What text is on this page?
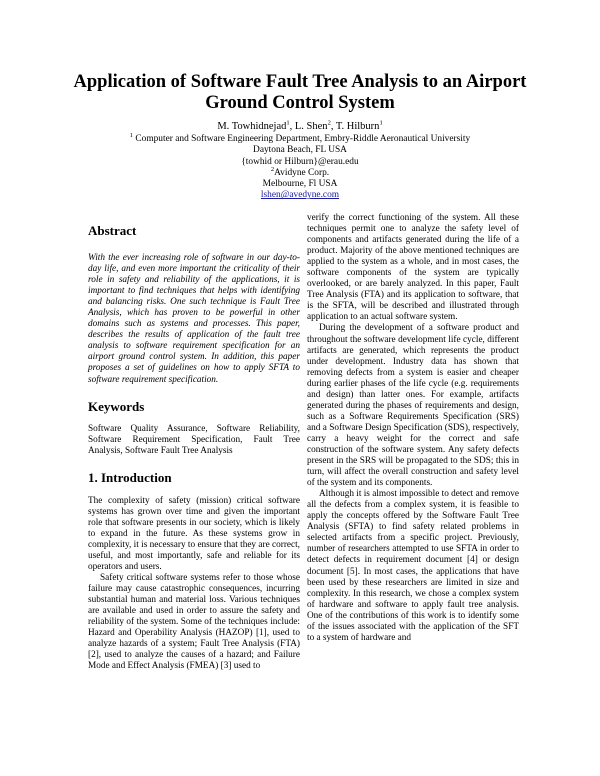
Application of Software Fault Tree Analysis to an Airport Ground Control System
M. Towhidnejad$^1$, L. Shen$^2$, T. Hilburn$^1$
$^1$ Computer and Software Engineering Department, Embry-Riddle Aeronautical University
Daytona Beach, FL USA
{towhid or Hilburn}@erau.edu
$^2$Avidyne Corp.
Melbourne, Fl USA
lshen@avedyne.com
Abstract

With the ever increasing role of software in our day-to-day life, and even more important the criticality of their role in safety and reliability of the applications, it is important to find techniques that helps with identifying and balancing risks. One such technique is Fault Tree Analysis, which has proven to be powerful in other domains such as systems and processes. This paper, describes the results of application of the fault tree analysis to software requirement specification for an airport ground control system. In addition, this paper proposes a set of guidelines on how to apply SFTA to software requirement specification.

Keywords

Software Quality Assurance, Software Reliability, Software Requirement Specification, Fault Tree Analysis, Software Fault Tree Analysis

1. Introduction

The complexity of safety (mission) critical software systems has grown over time and given the important role that software presents in our society, which is likely to expand in the future. As these systems grow in complexity, it is necessary to ensure that they are correct, useful, and most importantly, safe and reliable for its operators and users.

Safety critical software systems refer to those whose failure may cause catastrophic consequences, incurring substantial human and material loss. Various techniques are available and used in order to assure the safety and reliability of the system. Some of the techniques include: Hazard and Operability Analysis (HAZOP) [1], used to analyze hazards of a system; Fault Tree Analysis (FTA) [2], used to analyze the causes of a hazard; and Failure Mode and Effect Analysis (FMEA) [3] used to

verify the correct functioning of the system. All these techniques permit one to analyze the safety level of components and artifacts generated during the life of a product. Majority of the above mentioned techniques are applied to the system as a whole, and in most cases, the software components of the system are typically overlooked, or are barely analyzed. In this paper, Fault Tree Analysis (FTA) and its application to software, that is the SFTA, will be described and illustrated through application to an actual software system.

During the development of a software product and throughout the software development life cycle, different artifacts are generated, which represents the product under development. Industry data has shown that removing defects from a system is easier and cheaper during earlier phases of the life cycle (e.g. requirements and design) than latter ones. For example, artifacts generated during the phases of requirements and design, such as a Software Requirements Specification (SRS) and a Software Design Specification (SDS), respectively, carry a heavy weight for the correct and safe construction of the software system. Any safety defects present in the SRS will be propagated to the SDS; this in turn, will affect the overall construction and safety level of the system and its components.

Although it is almost impossible to detect and remove all the defects from a complex system, it is feasible to apply the concepts offered by the Software Fault Tree Analysis (SFTA) to find safety related problems in selected artifacts from a specific project. Previously, number of researchers attempted to use SFTA in order to detect defects in requirement document [4] or design document [5]. In most cases, the applications that have been used by these researchers are limited in size and complexity. In this research, we chose a complex system of hardware and software to apply fault tree analysis. One of the contributions of this work is to identify some of the issues associated with the application of the SFT to a system of hardware and
